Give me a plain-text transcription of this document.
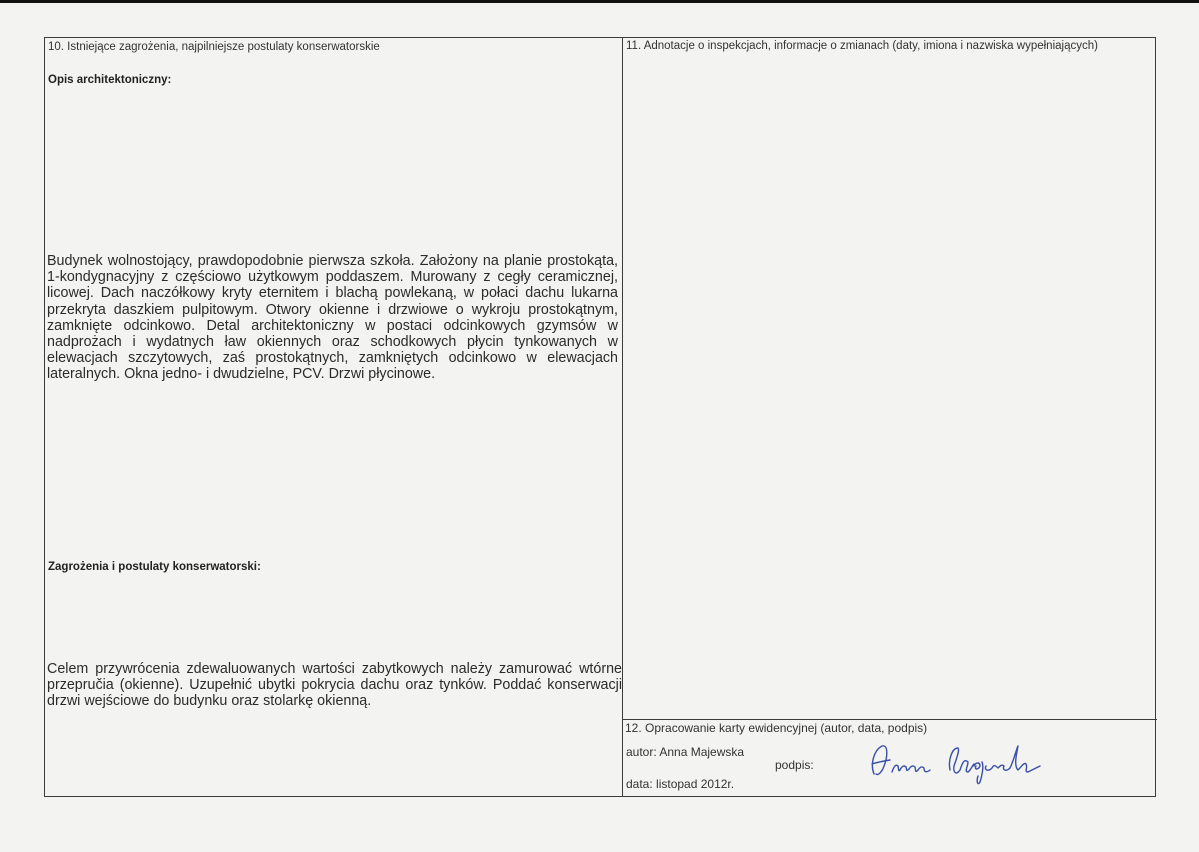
10. Istniejące zagrożenia, najpilniejsze postulaty konserwatorskie
Opis architektoniczny:
Budynek wolnostojący, prawdopodobnie pierwsza szkoła. Założony na planie prostokąta, 1-kondygnacyjny z częściowo użytkowym poddaszem. Murowany z cegły ceramicznej, licowej. Dach naczółkowy kryty eternitem i blachą powlekaną, w połaci dachu lukarna przekryta daszkiem pulpitowym. Otwory okienne i drzwiowe o wykroju prostokątnym, zamknięte odcinkowo. Detal architektoniczny w postaci odcinkowych gzymsów w nadprożach i wydatnych ław okiennych oraz schodkowych płycin tynkowanych w elewacjach szczytowych, zaś prostokątnych, zamkniętych odcinkowo w elewacjach lateralnych. Okna jedno- i dwudzielne, PCV. Drzwi płycinowe.
Zagrożenia i postulaty konserwatorski:
Celem przywrócenia zdewaluowanych wartości zabytkowych należy zamurować wtórne przepručia (okienne). Uzupełnić ubytki pokrycia dachu oraz tynków. Poddać konserwacji drzwi wejściowe do budynku oraz stolarkę okienną.
11. Adnotacje o inspekcjach, informacje o zmianach (daty, imiona i nazwiska wypełniających)
12. Opracowanie karty ewidencyjnej (autor, data, podpis)
autor: Anna Majewska
podpis:
data: listopad 2012r.
